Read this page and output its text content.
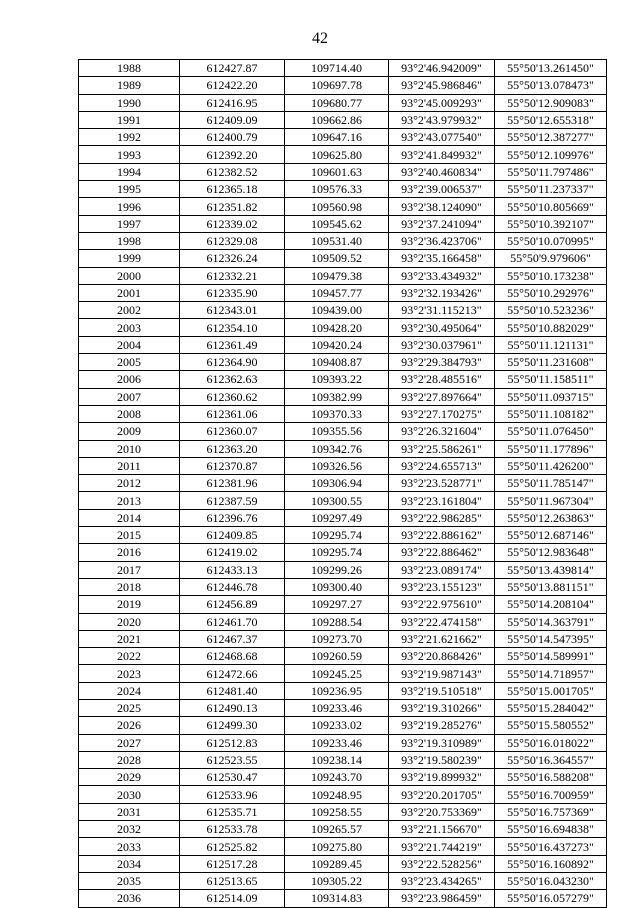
42
1988	612427.87	109714.40	93°2'46.942009"	55°50'13.261450"
1989	612422.20	109697.78	93°2'45.986846"	55°50'13.078473"
1990	612416.95	109680.77	93°2'45.009293"	55°50'12.909083"
1991	612409.09	109662.86	93°2'43.979932"	55°50'12.655318"
1992	612400.79	109647.16	93°2'43.077540"	55°50'12.387277"
1993	612392.20	109625.80	93°2'41.849932"	55°50'12.109976"
1994	612382.52	109601.63	93°2'40.460834"	55°50'11.797486"
1995	612365.18	109576.33	93°2'39.006537"	55°50'11.237337"
1996	612351.82	109560.98	93°2'38.124090"	55°50'10.805669"
1997	612339.02	109545.62	93°2'37.241094"	55°50'10.392107"
1998	612329.08	109531.40	93°2'36.423706"	55°50'10.070995"
1999	612326.24	109509.52	93°2'35.166458"	55°50'9.979606"
2000	612332.21	109479.38	93°2'33.434932"	55°50'10.173238"
2001	612335.90	109457.77	93°2'32.193426"	55°50'10.292976"
2002	612343.01	109439.00	93°2'31.115213"	55°50'10.523236"
2003	612354.10	109428.20	93°2'30.495064"	55°50'10.882029"
2004	612361.49	109420.24	93°2'30.037961"	55°50'11.121131"
2005	612364.90	109408.87	93°2'29.384793"	55°50'11.231608"
2006	612362.63	109393.22	93°2'28.485516"	55°50'11.158511"
2007	612360.62	109382.99	93°2'27.897664"	55°50'11.093715"
2008	612361.06	109370.33	93°2'27.170275"	55°50'11.108182"
2009	612360.07	109355.56	93°2'26.321604"	55°50'11.076450"
2010	612363.20	109342.76	93°2'25.586261"	55°50'11.177896"
2011	612370.87	109326.56	93°2'24.655713"	55°50'11.426200"
2012	612381.96	109306.94	93°2'23.528771"	55°50'11.785147"
2013	612387.59	109300.55	93°2'23.161804"	55°50'11.967304"
2014	612396.76	109297.49	93°2'22.986285"	55°50'12.263863"
2015	612409.85	109295.74	93°2'22.886162"	55°50'12.687146"
2016	612419.02	109295.74	93°2'22.886462"	55°50'12.983648"
2017	612433.13	109299.26	93°2'23.089174"	55°50'13.439814"
2018	612446.78	109300.40	93°2'23.155123"	55°50'13.881151"
2019	612456.89	109297.27	93°2'22.975610"	55°50'14.208104"
2020	612461.70	109288.54	93°2'22.474158"	55°50'14.363791"
2021	612467.37	109273.70	93°2'21.621662"	55°50'14.547395"
2022	612468.68	109260.59	93°2'20.868426"	55°50'14.589991"
2023	612472.66	109245.25	93°2'19.987143"	55°50'14.718957"
2024	612481.40	109236.95	93°2'19.510518"	55°50'15.001705"
2025	612490.13	109233.46	93°2'19.310266"	55°50'15.284042"
2026	612499.30	109233.02	93°2'19.285276"	55°50'15.580552"
2027	612512.83	109233.46	93°2'19.310989"	55°50'16.018022"
2028	612523.55	109238.14	93°2'19.580239"	55°50'16.364557"
2029	612530.47	109243.70	93°2'19.899932"	55°50'16.588208"
2030	612533.96	109248.95	93°2'20.201705"	55°50'16.700959"
2031	612535.71	109258.55	93°2'20.753369"	55°50'16.757369"
2032	612533.78	109265.57	93°2'21.156670"	55°50'16.694838"
2033	612525.82	109275.80	93°2'21.744219"	55°50'16.437273"
2034	612517.28	109289.45	93°2'22.528256"	55°50'16.160892"
2035	612513.65	109305.22	93°2'23.434265"	55°50'16.043230"
2036	612514.09	109314.83	93°2'23.986459"	55°50'16.057279"
